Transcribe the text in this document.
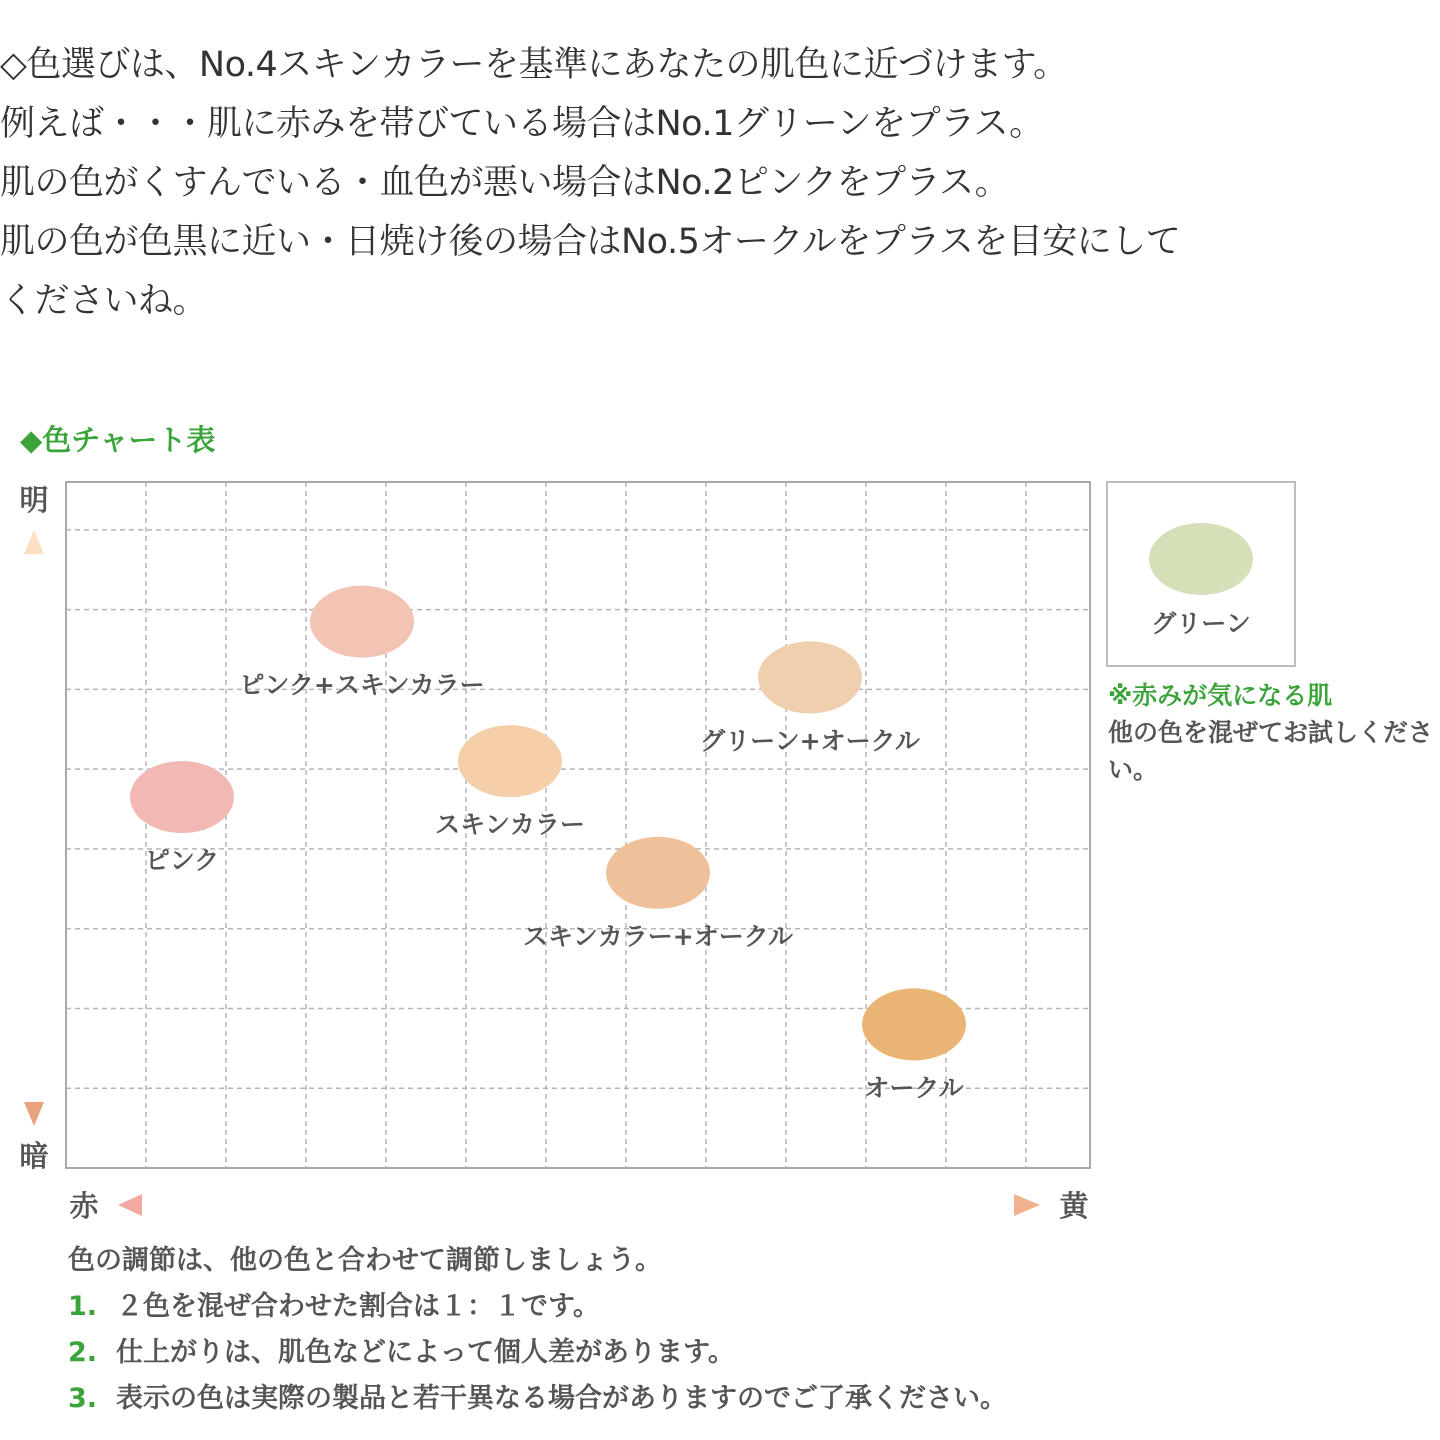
◇色選びは、No.4スキンカラーを基準にあなたの肌色に近づけます。

例えば・・・肌に赤みを帯びている場合はNo.1グリーンをプラス。

肌の色がくすんでいる・血色が悪い場合はNo.2ピンクをプラス。

肌の色が色黒に近い・日焼け後の場合はNo.5オークルをプラスを目安にして

くださいね。

◆色チャート表
明
暗
赤	黄
ピンク
ピンク+スキンカラー
スキンカラー
スキンカラー+オークル
グリーン+オークル
オークル
グリーン
※赤みが気になる肌
他の色を混ぜてお試しください。
色の調節は、他の色と合わせて調節しましょう。
1. ２色を混ぜ合わせた割合は１：１です。
2. 仕上がりは、肌色などによって個人差があります。
3. 表示の色は実際の製品と若干異なる場合がありますのでご了承ください。
